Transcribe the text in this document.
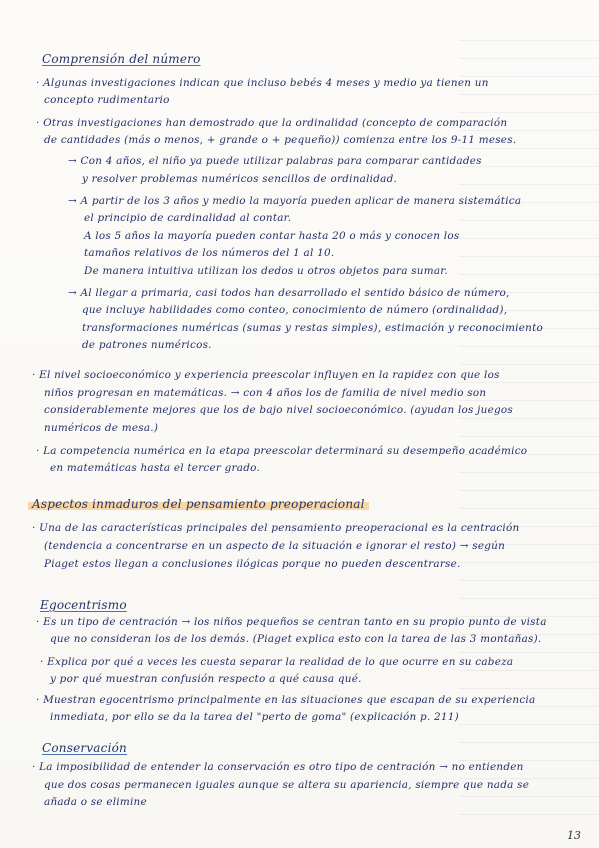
Comprensión del número
· Algunas investigaciones indican que incluso bebés 4 meses y medio ya tienen un
concepto rudimentario
· Otras investigaciones han demostrado que la ordinalidad (concepto de comparación
de cantidades (más o menos, + grande o + pequeño)) comienza entre los 9-11 meses.
→ Con 4 años, el niño ya puede utilizar palabras para comparar cantidades
y resolver problemas numéricos sencillos de ordinalidad.
→ A partir de los 3 años y medio la mayoría pueden aplicar de manera sistemática
el principio de cardinalidad al contar.
A los 5 años la mayoría pueden contar hasta 20 o más y conocen los
tamaños relativos de los números del 1 al 10.
De manera intuitiva utilizan los dedos u otros objetos para sumar.
→ Al llegar a primaria, casi todos han desarrollado el sentido básico de número,
que incluye habilidades como conteo, conocimiento de número (ordinalidad),
transformaciones numéricas (sumas y restas simples), estimación y reconocimiento
de patrones numéricos.
· El nivel socioeconómico y experiencia preescolar influyen en la rapidez con que los
niños progresan en matemáticas. → con 4 años los de familia de nivel medio son
considerablemente mejores que los de bajo nivel socioeconómico. (ayudan los juegos
numéricos de mesa.)
· La competencia numérica en la etapa preescolar determinará su desempeño académico
en matemáticas hasta el tercer grado.
Aspectos inmaduros del pensamiento preoperacional
· Una de las características principales del pensamiento preoperacional es la centración
(tendencia a concentrarse en un aspecto de la situación e ignorar el resto) → según
Piaget estos llegan a conclusiones ilógicas porque no pueden descentrarse.
Egocentrismo
· Es un tipo de centración → los niños pequeños se centran tanto en su propio punto de vista
que no consideran los de los demás. (Piaget explica esto con la tarea de las 3 montañas).
· Explica por qué a veces les cuesta separar la realidad de lo que ocurre en su cabeza
y por qué muestran confusión respecto a qué causa qué.
· Muestran egocentrismo principalmente en las situaciones que escapan de su experiencia
inmediata, por ello se da la tarea del "perto de goma" (explicación p. 211)
Conservación
· La imposibilidad de entender la conservación es otro tipo de centración → no entienden
que dos cosas permanecen iguales aunque se altera su apariencia, siempre que nada se
añada o se elimine
13
